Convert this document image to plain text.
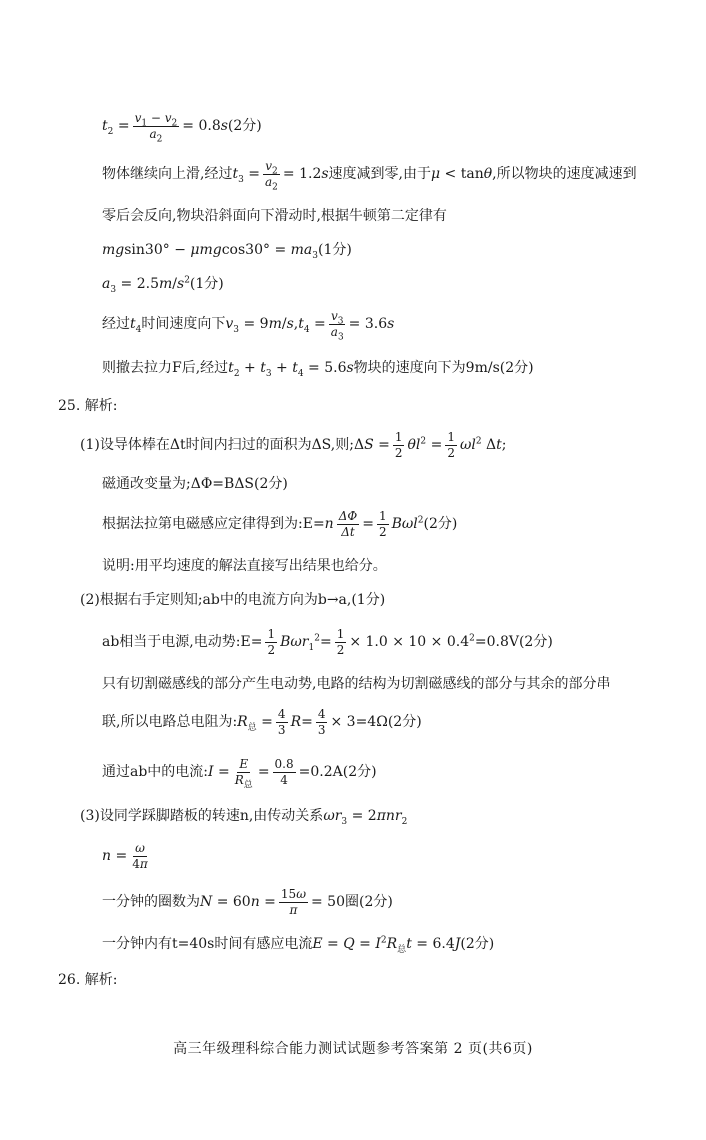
$t_2 = \frac{v_1 - v_2}{a_2} = 0.8s$ (2分)
物体继续向上滑,经过 $t_3 = \frac{v_2}{a_2} = 1.2s$ 速度减到零,由于 μ < tanθ ,所以物块的速度减速到
零后会反向,物块沿斜面向下滑动时,根据牛顿第二定律有
$mgsin30^\circ - \mu mgcos30^\circ = ma_3$ (1分)
$a_3 = 2.5m/s^2$ (1分)
经过 $t_4$ 时间速度向下 $v_3 = 9m/s,t_4 = \frac{v_3}{a_3} = 3.6s$
则撤去拉力F后,经过 $t_2 + t_3 + t_4 = 5.6s$ 物块的速度向下为9m/s(2分)
25. 解析:
(1)设导体棒在Δt时间内扫过的面积为ΔS,则; $\Delta S = \frac{1}{2} \theta l^2 = \frac{1}{2} \omega l^2$ Δt;
磁通改变量为;ΔΦ=BΔS(2分)
根据法拉第电磁感应定律得到为: $E=n \frac{\Delta\Phi}{\Delta t} = \frac{1}{2} B\omega l^2$ (2分)
说明:用平均速度的解法直接写出结果也给分。
(2)根据右手定则知;ab中的电流方向为b→a,(1分)
ab相当于电源,电动势: $E= \frac{1}{2} B\omega r_1^2= \frac{1}{2} \times 1.0 \times 10 \times 0.4^2 =0.8V(2$分)
只有切割磁感线的部分产生电动势,电路的结构为切割磁感线的部分与其余的部分串
联,所以电路总电阻为: $R_总 = \frac{4}{3} R= \frac{4}{3} \times 3 =4\Omega(2$分)
通过ab中的电流: $I = \frac{E}{R_总} = \frac{0.8}{4} =0.2A(2$分)
(3)设同学踩脚踏板的转速n,由传动关系 $\omega r_3 = 2\pi nr_2$
$n = \frac{\omega}{4\pi}$
一分钟的圈数为 $N = 60n = \frac{15\omega}{\pi} = 50$圈(2分)
一分钟内有t=40s时间有感应电流 $E = Q = I^2R_总t = 6.4J$ (2分)
26. 解析:
高三年级理科综合能力测试试题参考答案第 2 页(共6页)
